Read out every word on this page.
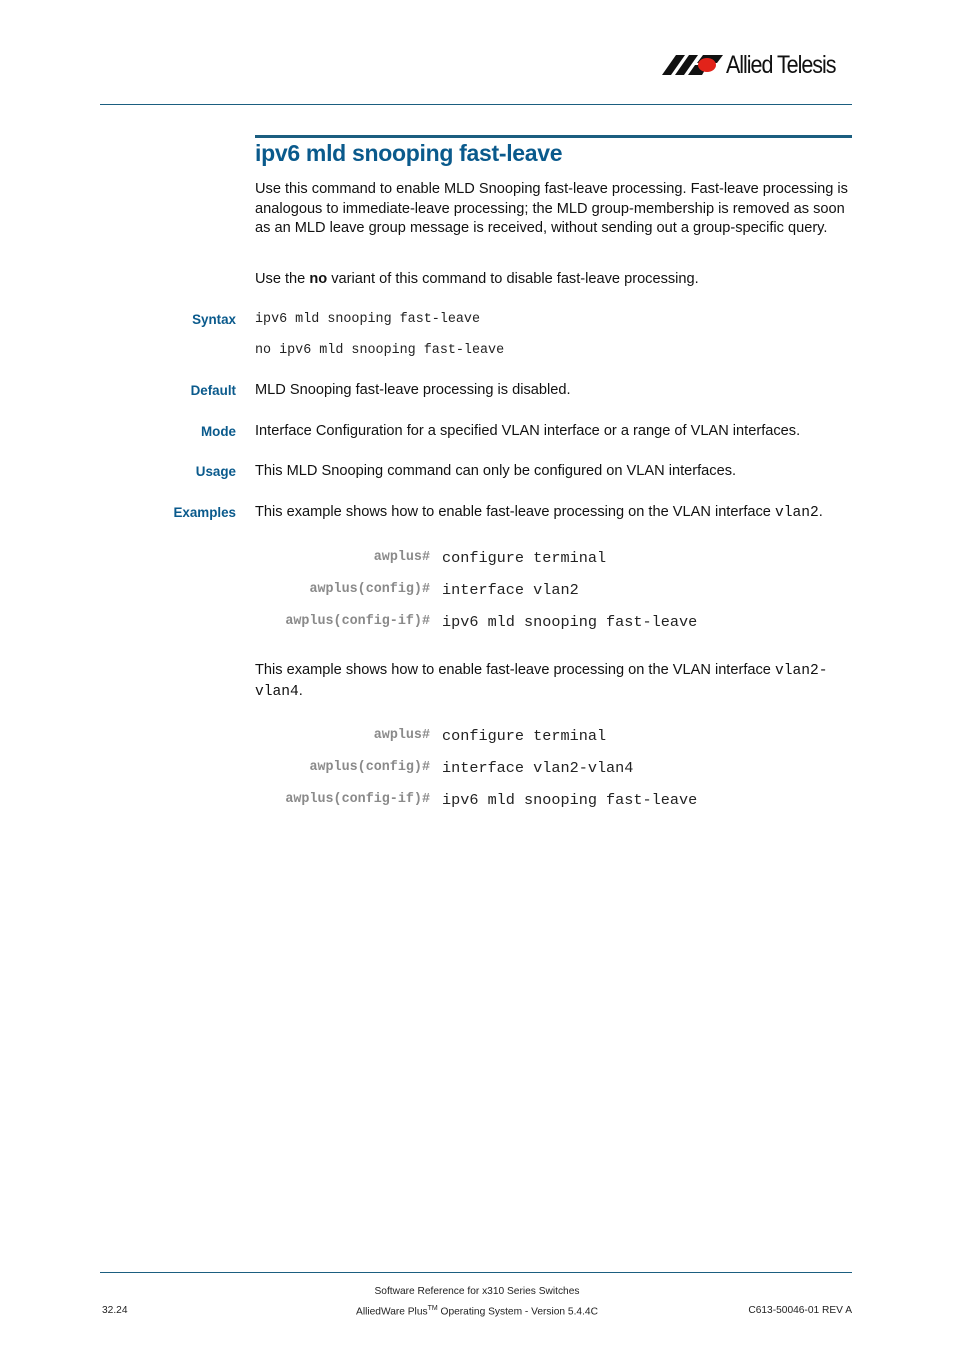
Allied Telesis
ipv6 mld snooping fast-leave

Use this command to enable MLD Snooping fast-leave processing. Fast-leave processing is analogous to immediate-leave processing; the MLD group-membership is removed as soon as an MLD leave group message is received, without sending out a group-specific query.

Use the no variant of this command to disable fast-leave processing.

Syntax ipv6 mld snooping fast-leave
no ipv6 mld snooping fast-leave
Default MLD Snooping fast-leave processing is disabled.

Mode Interface Configuration for a specified VLAN interface or a range of VLAN interfaces.

Usage This MLD Snooping command can only be configured on VLAN interfaces.

Examples This example shows how to enable fast-leave processing on the VLAN interface vlan2.

awplus# configure terminal
awplus(config)# interface vlan2
awplus(config-if)# ipv6 mld snooping fast-leave

This example shows how to enable fast-leave processing on the VLAN interface vlan2-vlan4.

awplus# configure terminal
awplus(config)# interface vlan2-vlan4
awplus(config-if)# ipv6 mld snooping fast-leave
Software Reference for x310 Series Switches
AlliedWare Plus™ Operating System - Version 5.4.4C
32.24	C613-50046-01 REV A
